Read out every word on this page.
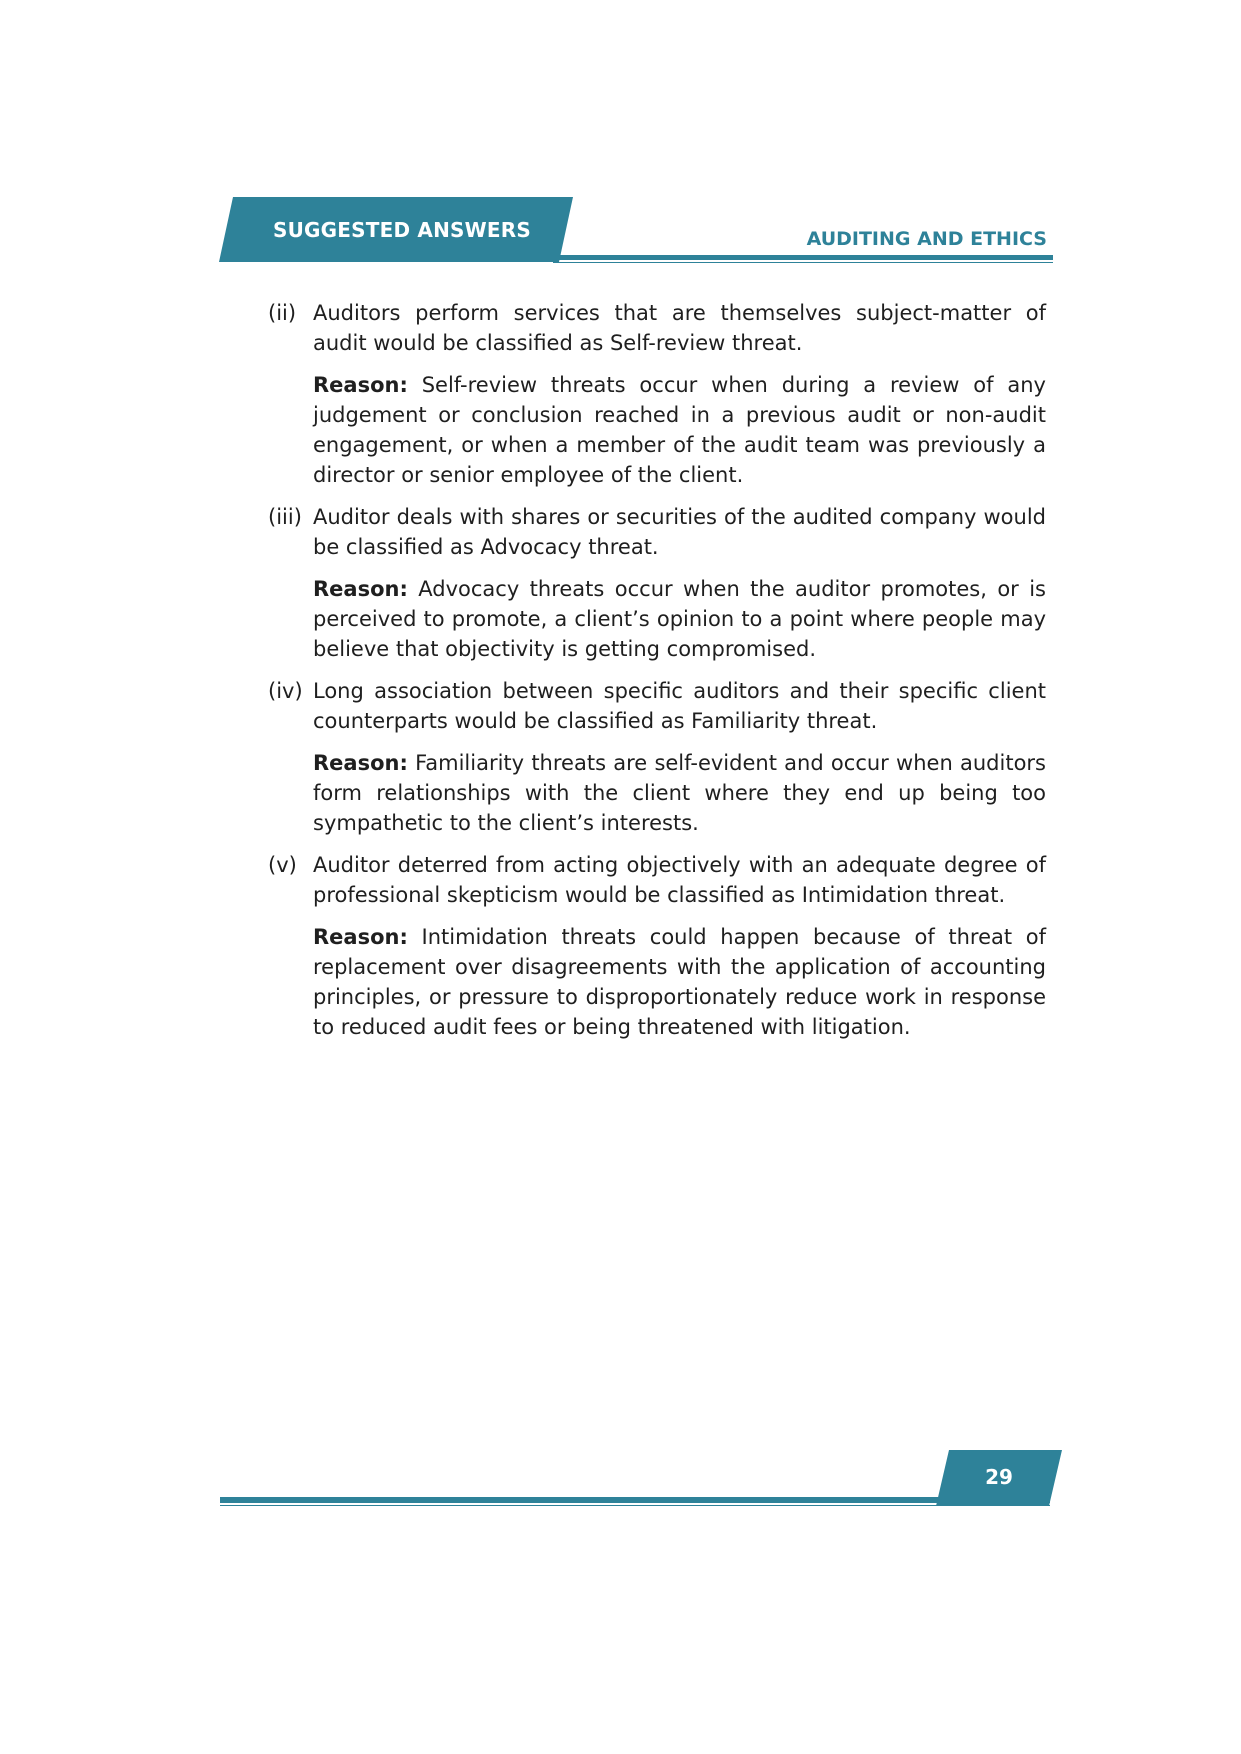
SUGGESTED ANSWERS	AUDITING AND ETHICS
(ii) Auditors perform services that are themselves subject-matter of audit would be classified as Self-review threat.

Reason: Self-review threats occur when during a review of any judgement or conclusion reached in a previous audit or non-audit engagement, or when a member of the audit team was previously a director or senior employee of the client.

(iii) Auditor deals with shares or securities of the audited company would be classified as Advocacy threat.

Reason: Advocacy threats occur when the auditor promotes, or is perceived to promote, a client’s opinion to a point where people may believe that objectivity is getting compromised.

(iv) Long association between specific auditors and their specific client counterparts would be classified as Familiarity threat.

Reason: Familiarity threats are self-evident and occur when auditors form relationships with the client where they end up being too sympathetic to the client’s interests.

(v) Auditor deterred from acting objectively with an adequate degree of professional skepticism would be classified as Intimidation threat.

Reason: Intimidation threats could happen because of threat of replacement over disagreements with the application of accounting principles, or pressure to disproportionately reduce work in response to reduced audit fees or being threatened with litigation.

29
